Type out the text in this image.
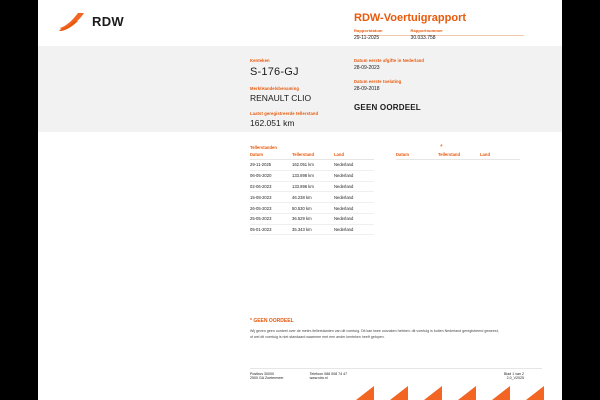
RDW	RDW-Voertuigrapport
Rapportdatum
29-11-2025
Rapportnummer
30.033.758
Kenteken
S-176-GJ
Merk/Handelsbenaming
RENAULT CLIO
Laatst geregistreerde tellerstand
162.051 km
Datum eerste afgifte in Nederland
28-09-2023
Datum eerste toelating
28-09-2018
GEEN OORDEEL
*
Tellerstanden
Datum	Tellerstand	Land
29-11-2025	162.051 km	Nederland
06-05-2020	133.898 km	Nederland
02-06-2023	133.896 km	Nederland
15-08-2023	46.238 km	Nederland
26-05-2023	50.530 km	Nederland
25-05-2023	36.529 km	Nederland
05-01-2023	35.343 km	Nederland
Datum	Tellerstand	Land
* GEEN OORDEEL
Wij geven geen oordeel over de meter-/tellerstanden van dit voertuig. Dit kan twee oorzaken hebben: dit voertuig is buiten Nederland geregistreerd geweest, of wel dit voertuig is niet standaard waarmee met een ander kenteken heeft gelopen.
Postbus 30000
2500 GA Zoetermeer
Telefoon 088 008 74 47
www.rdw.nl
Blad 1 van 2
2.0_V2025
